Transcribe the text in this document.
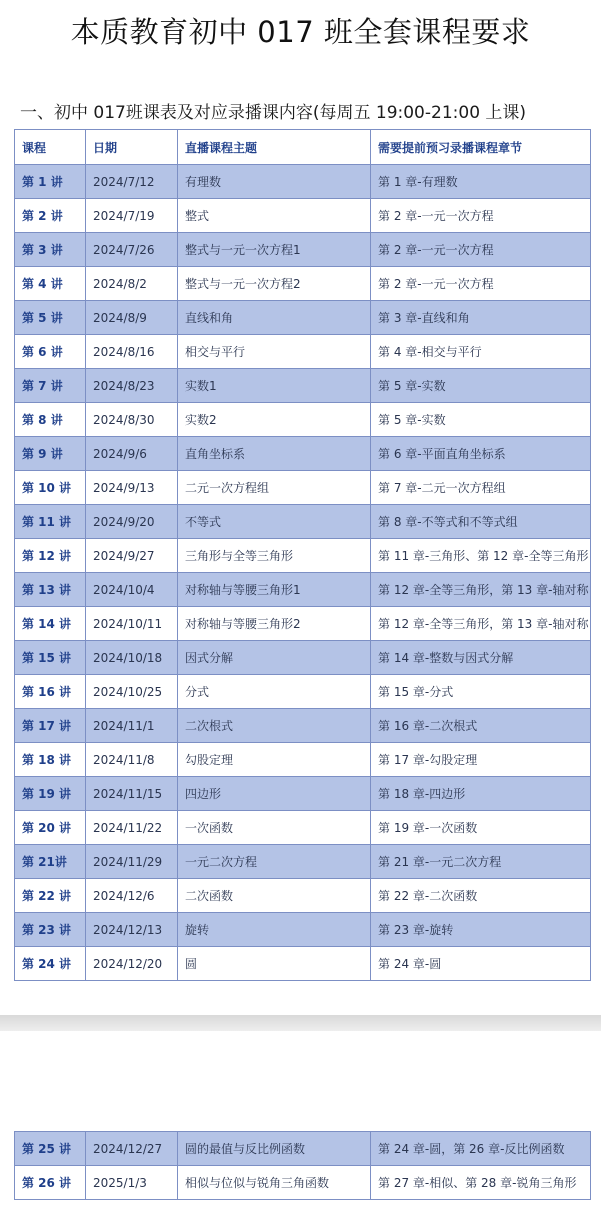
本质教育初中 017 班全套课程要求
一、初中 017班课表及对应录播课内容(每周五 19:00-21:00 上课)
课程	日期	直播课程主题	需要提前预习录播课程章节
第 1 讲	2024/7/12	有理数	第 1 章-有理数
第 2 讲	2024/7/19	整式	第 2 章-一元一次方程
第 3 讲	2024/7/26	整式与一元一次方程1	第 2 章-一元一次方程
第 4 讲	2024/8/2	整式与一元一次方程2	第 2 章-一元一次方程
第 5 讲	2024/8/9	直线和角	第 3 章-直线和角
第 6 讲	2024/8/16	相交与平行	第 4 章-相交与平行
第 7 讲	2024/8/23	实数1	第 5 章-实数
第 8 讲	2024/8/30	实数2	第 5 章-实数
第 9 讲	2024/9/6	直角坐标系	第 6 章-平面直角坐标系
第 10 讲	2024/9/13	二元一次方程组	第 7 章-二元一次方程组
第 11 讲	2024/9/20	不等式	第 8 章-不等式和不等式组
第 12 讲	2024/9/27	三角形与全等三角形	第 11 章-三角形、第 12 章-全等三角形
第 13 讲	2024/10/4	对称轴与等腰三角形1	第 12 章-全等三角形，第 13 章-轴对称
第 14 讲	2024/10/11	对称轴与等腰三角形2	第 12 章-全等三角形，第 13 章-轴对称
第 15 讲	2024/10/18	因式分解	第 14 章-整数与因式分解
第 16 讲	2024/10/25	分式	第 15 章-分式
第 17 讲	2024/11/1	二次根式	第 16 章-二次根式
第 18 讲	2024/11/8	勾股定理	第 17 章-勾股定理
第 19 讲	2024/11/15	四边形	第 18 章-四边形
第 20 讲	2024/11/22	一次函数	第 19 章-一次函数
第 21讲	2024/11/29	一元二次方程	第 21 章-一元二次方程
第 22 讲	2024/12/6	二次函数	第 22 章-二次函数
第 23 讲	2024/12/13	旋转	第 23 章-旋转
第 24 讲	2024/12/20	圆	第 24 章-圆
第 25 讲	2024/12/27	圆的最值与反比例函数	第 24 章-圆，第 26 章-反比例函数
第 26 讲	2025/1/3	相似与位似与锐角三角函数	第 27 章-相似、第 28 章-锐角三角形
